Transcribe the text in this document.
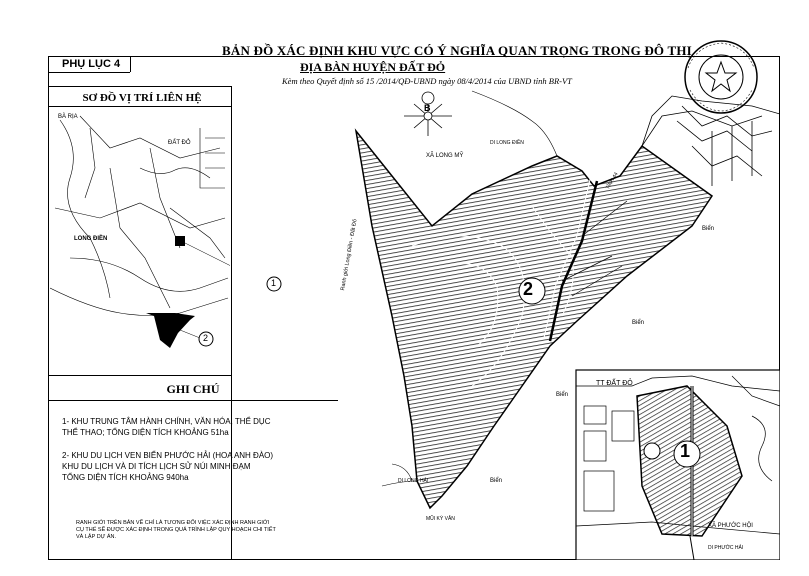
PHỤ LỤC 4
BẢN ĐỒ XÁC ĐỊNH KHU VỰC CÓ Ý NGHĨA QUAN TRỌNG TRONG ĐÔ THỊ
ĐỊA BÀN HUYỆN ĐẤT ĐỎ
Kèm theo Quyết định số 15 /2014/QĐ-UBND ngày 08/4/2014 của UBND tỉnh BR-VT
SƠ ĐỒ VỊ TRÍ LIÊN HỆ
BÀ RỊA
ĐẤT ĐỎ
LONG ĐIỀN
1
2
GHI CHÚ
1- KHU TRUNG TÂM HÀNH CHÍNH, VĂN HÓA, THỂ DỤC
THỂ THAO; TỔNG DIỆN TÍCH KHOẢNG 51ha
2- KHU DU LỊCH VEN BIỂN PHƯỚC HẢI (HOA ANH ĐÀO)
KHU DU LỊCH VÀ DI TÍCH LỊCH SỬ NÚI MINH ĐẠM
TỔNG DIỆN TÍCH KHOẢNG 940ha
RANH GIỚI TRÊN BẢN VẼ CHỈ LÀ TƯƠNG ĐỐI VIỆC XÁC ĐỊNH RANH GIỚI
CỤ THỂ SẼ ĐƯỢC XÁC ĐỊNH TRONG QUÁ TRÌNH LẬP QUY HOẠCH CHI TIẾT
VÀ LẬP DỰ ÁN.
B
2
1
XÃ LONG MỸ
DI LONG ĐIỀN
Ranh giới Long Điền - Đất Đỏ
TỈNH 44
Biển
Biển
Biển
Biển
MŨI KỲ VÂN
DI LONG HẢI
TT ĐẤT ĐỎ
XÃ PHƯỚC HỘI
DI PHƯỚC HẢI
